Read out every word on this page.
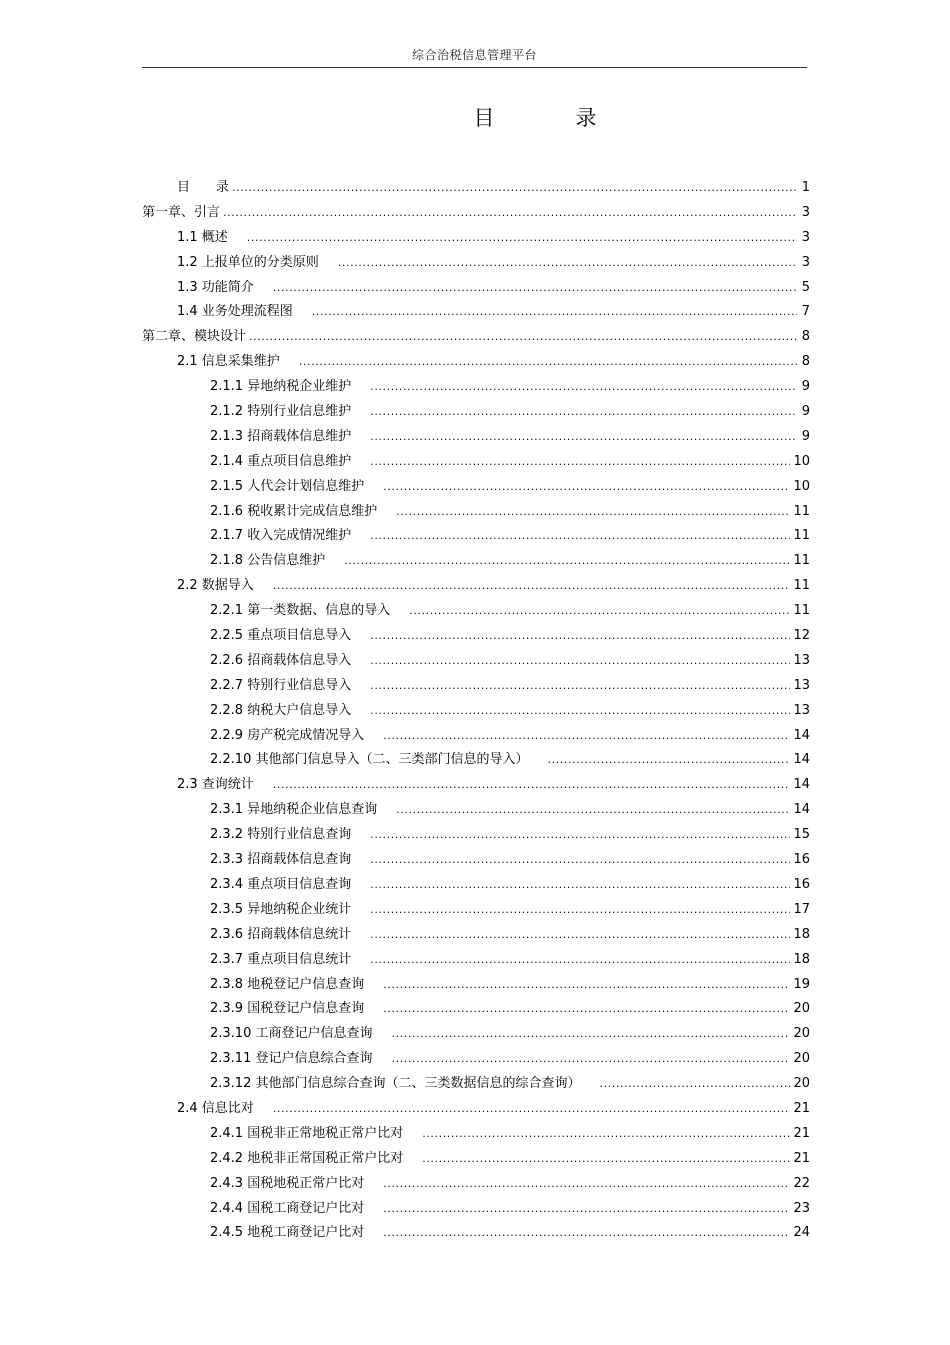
综合治税信息管理平台
目　录
目　　录 .....	1
第一章、引言 .....	3
1.1 概述 .....	3
1.2 上报单位的分类原则 .....	3
1.3 功能简介 .....	5
1.4 业务处理流程图 .....	7
第二章、模块设计 .....	8
2.1 信息采集维护 .....	8
2.1.1 异地纳税企业维护 .....	9
2.1.2 特别行业信息维护 .....	9
2.1.3 招商载体信息维护 .....	9
2.1.4 重点项目信息维护 .....	10
2.1.5 人代会计划信息维护 .....	10
2.1.6 税收累计完成信息维护 .....	11
2.1.7 收入完成情况维护 .....	11
2.1.8 公告信息维护 .....	11
2.2 数据导入 .....	11
2.2.1 第一类数据、信息的导入 .....	11
2.2.5 重点项目信息导入 .....	12
2.2.6 招商载体信息导入 .....	13
2.2.7 特别行业信息导入 .....	13
2.2.8 纳税大户信息导入 .....	13
2.2.9 房产税完成情况导入 .....	14
2.2.10 其他部门信息导入（二、三类部门信息的导入） .....	14
2.3 查询统计 .....	14
2.3.1 异地纳税企业信息查询 .....	14
2.3.2 特别行业信息查询 .....	15
2.3.3 招商载体信息查询 .....	16
2.3.4 重点项目信息查询 .....	16
2.3.5 异地纳税企业统计 .....	17
2.3.6 招商载体信息统计 .....	18
2.3.7 重点项目信息统计 .....	18
2.3.8 地税登记户信息查询 .....	19
2.3.9 国税登记户信息查询 .....	20
2.3.10 工商登记户信息查询 .....	20
2.3.11 登记户信息综合查询 .....	20
2.3.12 其他部门信息综合查询（二、三类数据信息的综合查询） .....	20
2.4 信息比对 .....	21
2.4.1 国税非正常地税正常户比对 .....	21
2.4.2 地税非正常国税正常户比对 .....	21
2.4.3 国税地税正常户比对 .....	22
2.4.4 国税工商登记户比对 .....	23
2.4.5 地税工商登记户比对 .....	24
